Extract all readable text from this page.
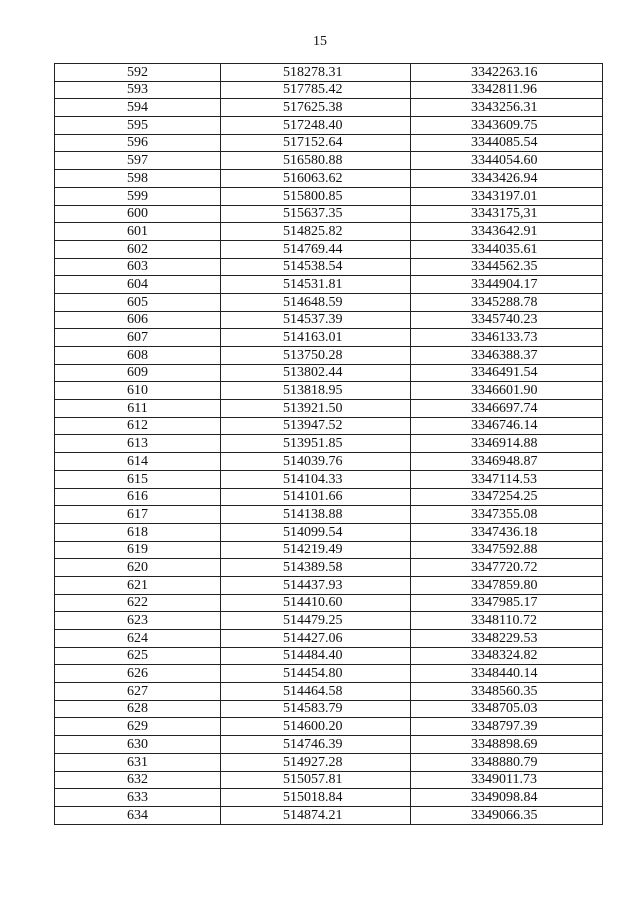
15
592	518278.31	3342263.16
593	517785.42	3342811.96
594	517625.38	3343256.31
595	517248.40	3343609.75
596	517152.64	3344085.54
597	516580.88	3344054.60
598	516063.62	3343426.94
599	515800.85	3343197.01
600	515637.35	3343175,31
601	514825.82	3343642.91
602	514769.44	3344035.61
603	514538.54	3344562.35
604	514531.81	3344904.17
605	514648.59	3345288.78
606	514537.39	3345740.23
607	514163.01	3346133.73
608	513750.28	3346388.37
609	513802.44	3346491.54
610	513818.95	3346601.90
611	513921.50	3346697.74
612	513947.52	3346746.14
613	513951.85	3346914.88
614	514039.76	3346948.87
615	514104.33	3347114.53
616	514101.66	3347254.25
617	514138.88	3347355.08
618	514099.54	3347436.18
619	514219.49	3347592.88
620	514389.58	3347720.72
621	514437.93	3347859.80
622	514410.60	3347985.17
623	514479.25	3348110.72
624	514427.06	3348229.53
625	514484.40	3348324.82
626	514454.80	3348440.14
627	514464.58	3348560.35
628	514583.79	3348705.03
629	514600.20	3348797.39
630	514746.39	3348898.69
631	514927.28	3348880.79
632	515057.81	3349011.73
633	515018.84	3349098.84
634	514874.21	3349066.35
